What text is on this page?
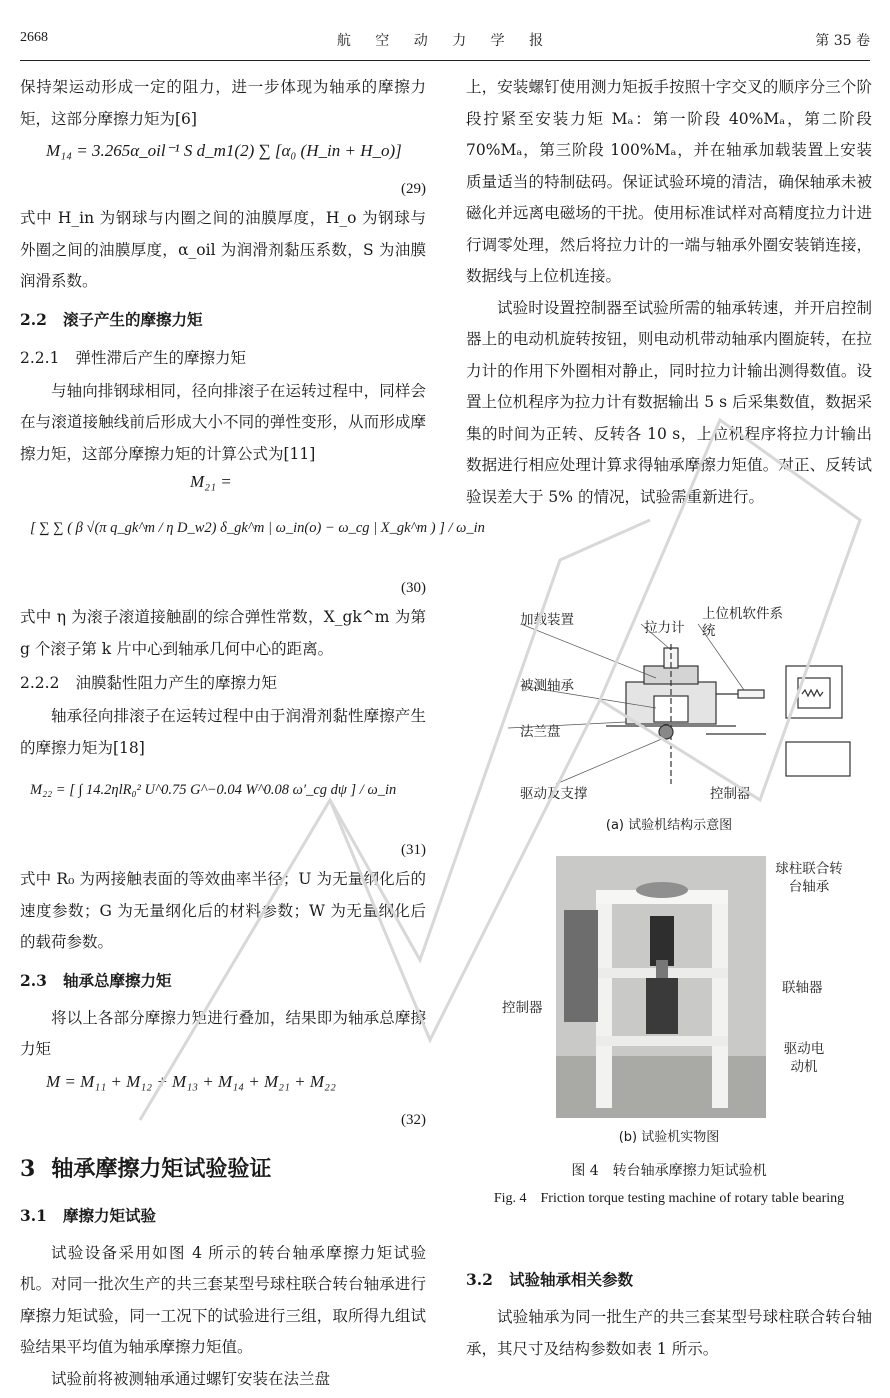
2668	航 空 动 力 学 报	第 35 卷

保持架运动形成一定的阻力，进一步体现为轴承的摩擦力矩，这部分摩擦力矩为[6]

M₁₄ = 3.265α_oil⁻¹ S d_m1(2) ∑ [α₀ (H_in + H_o)]
(29)

式中 H_in 为钢球与内圈之间的油膜厚度，H_o 为钢球与外圈之间的油膜厚度，α_oil 为润滑剂黏压系数，S 为油膜润滑系数。

2.2 滚子产生的摩擦力矩
2.2.1 弹性滞后产生的摩擦力矩

与轴向排钢球相同，径向排滚子在运转过程中，同样会在与滚道接触线前后形成大小不同的弹性变形，从而形成摩擦力矩，这部分摩擦力矩的计算公式为[11]

M₂₁ =
[ ∑ ∑ ( β √(π q_gk^m / η D_w2) δ_gk^m | ω_in(o) − ω_cg | X_gk^m ) ] / ω_in
(30)

式中 η 为滚子滚道接触副的综合弹性常数，X_gk^m 为第 g 个滚子第 k 片中心到轴承几何中心的距离。

2.2.2 油膜黏性阻力产生的摩擦力矩

轴承径向排滚子在运转过程中由于润滑剂黏性摩擦产生的摩擦力矩为[18]

M₂₂ = [ ∫ 14.2ηlR₀² U^0.75 G^−0.04 W^0.08 ω′_cg dψ ] / ω_in
(31)

式中 R₀ 为两接触表面的等效曲率半径；U 为无量纲化后的速度参数；G 为无量纲化后的材料参数；W 为无量纲化后的载荷参数。

2.3 轴承总摩擦力矩

将以上各部分摩擦力矩进行叠加，结果即为轴承总摩擦力矩

M = M₁₁ + M₁₂ + M₁₃ + M₁₄ + M₂₁ + M₂₂
(32)
3 轴承摩擦力矩试验验证
3.1 摩擦力矩试验

试验设备采用如图 4 所示的转台轴承摩擦力矩试验机。对同一批次生产的共三套某型号球柱联合转台轴承进行摩擦力矩试验，同一工况下的试验进行三组，取所得九组试验结果平均值为轴承摩擦力矩值。

试验前将被测轴承通过螺钉安装在法兰盘

上，安装螺钉使用测力矩扳手按照十字交叉的顺序分三个阶段拧紧至安装力矩 Mₐ：第一阶段 40%Mₐ，第二阶段 70%Mₐ，第三阶段 100%Mₐ，并在轴承加载装置上安装质量适当的特制砝码。保证试验环境的清洁，确保轴承未被磁化并远离电磁场的干扰。使用标准试样对高精度拉力计进行调零处理，然后将拉力计的一端与轴承外圈安装销连接，数据线与上位机连接。

试验时设置控制器至试验所需的轴承转速，并开启控制器上的电动机旋转按钮，则电动机带动轴承内圈旋转，在拉力计的作用下外圈相对静止，同时拉力计输出测得数值。设置上位机程序为拉力计有数据输出 5 s 后采集数值，数据采集的时间为正转、反转各 10 s，上位机程序将拉力计输出数据进行相应处理计算求得轴承摩擦力矩值。对正、反转试验误差大于 5% 的情况，试验需重新进行。

加载装置	拉力计
上位机软件系统
被测轴承
法兰盘
驱动及支撑	控制器
(a) 试验机结构示意图
球柱联合转台轴承
联轴器
控制器
驱动电动机
(b) 试验机实物图
图 4　转台轴承摩擦力矩试验机
Fig. 4　Friction torque testing machine of rotary table bearing
3.2 试验轴承相关参数

试验轴承为同一批生产的共三套某型号球柱联合转台轴承，其尺寸及结构参数如表 1 所示。
